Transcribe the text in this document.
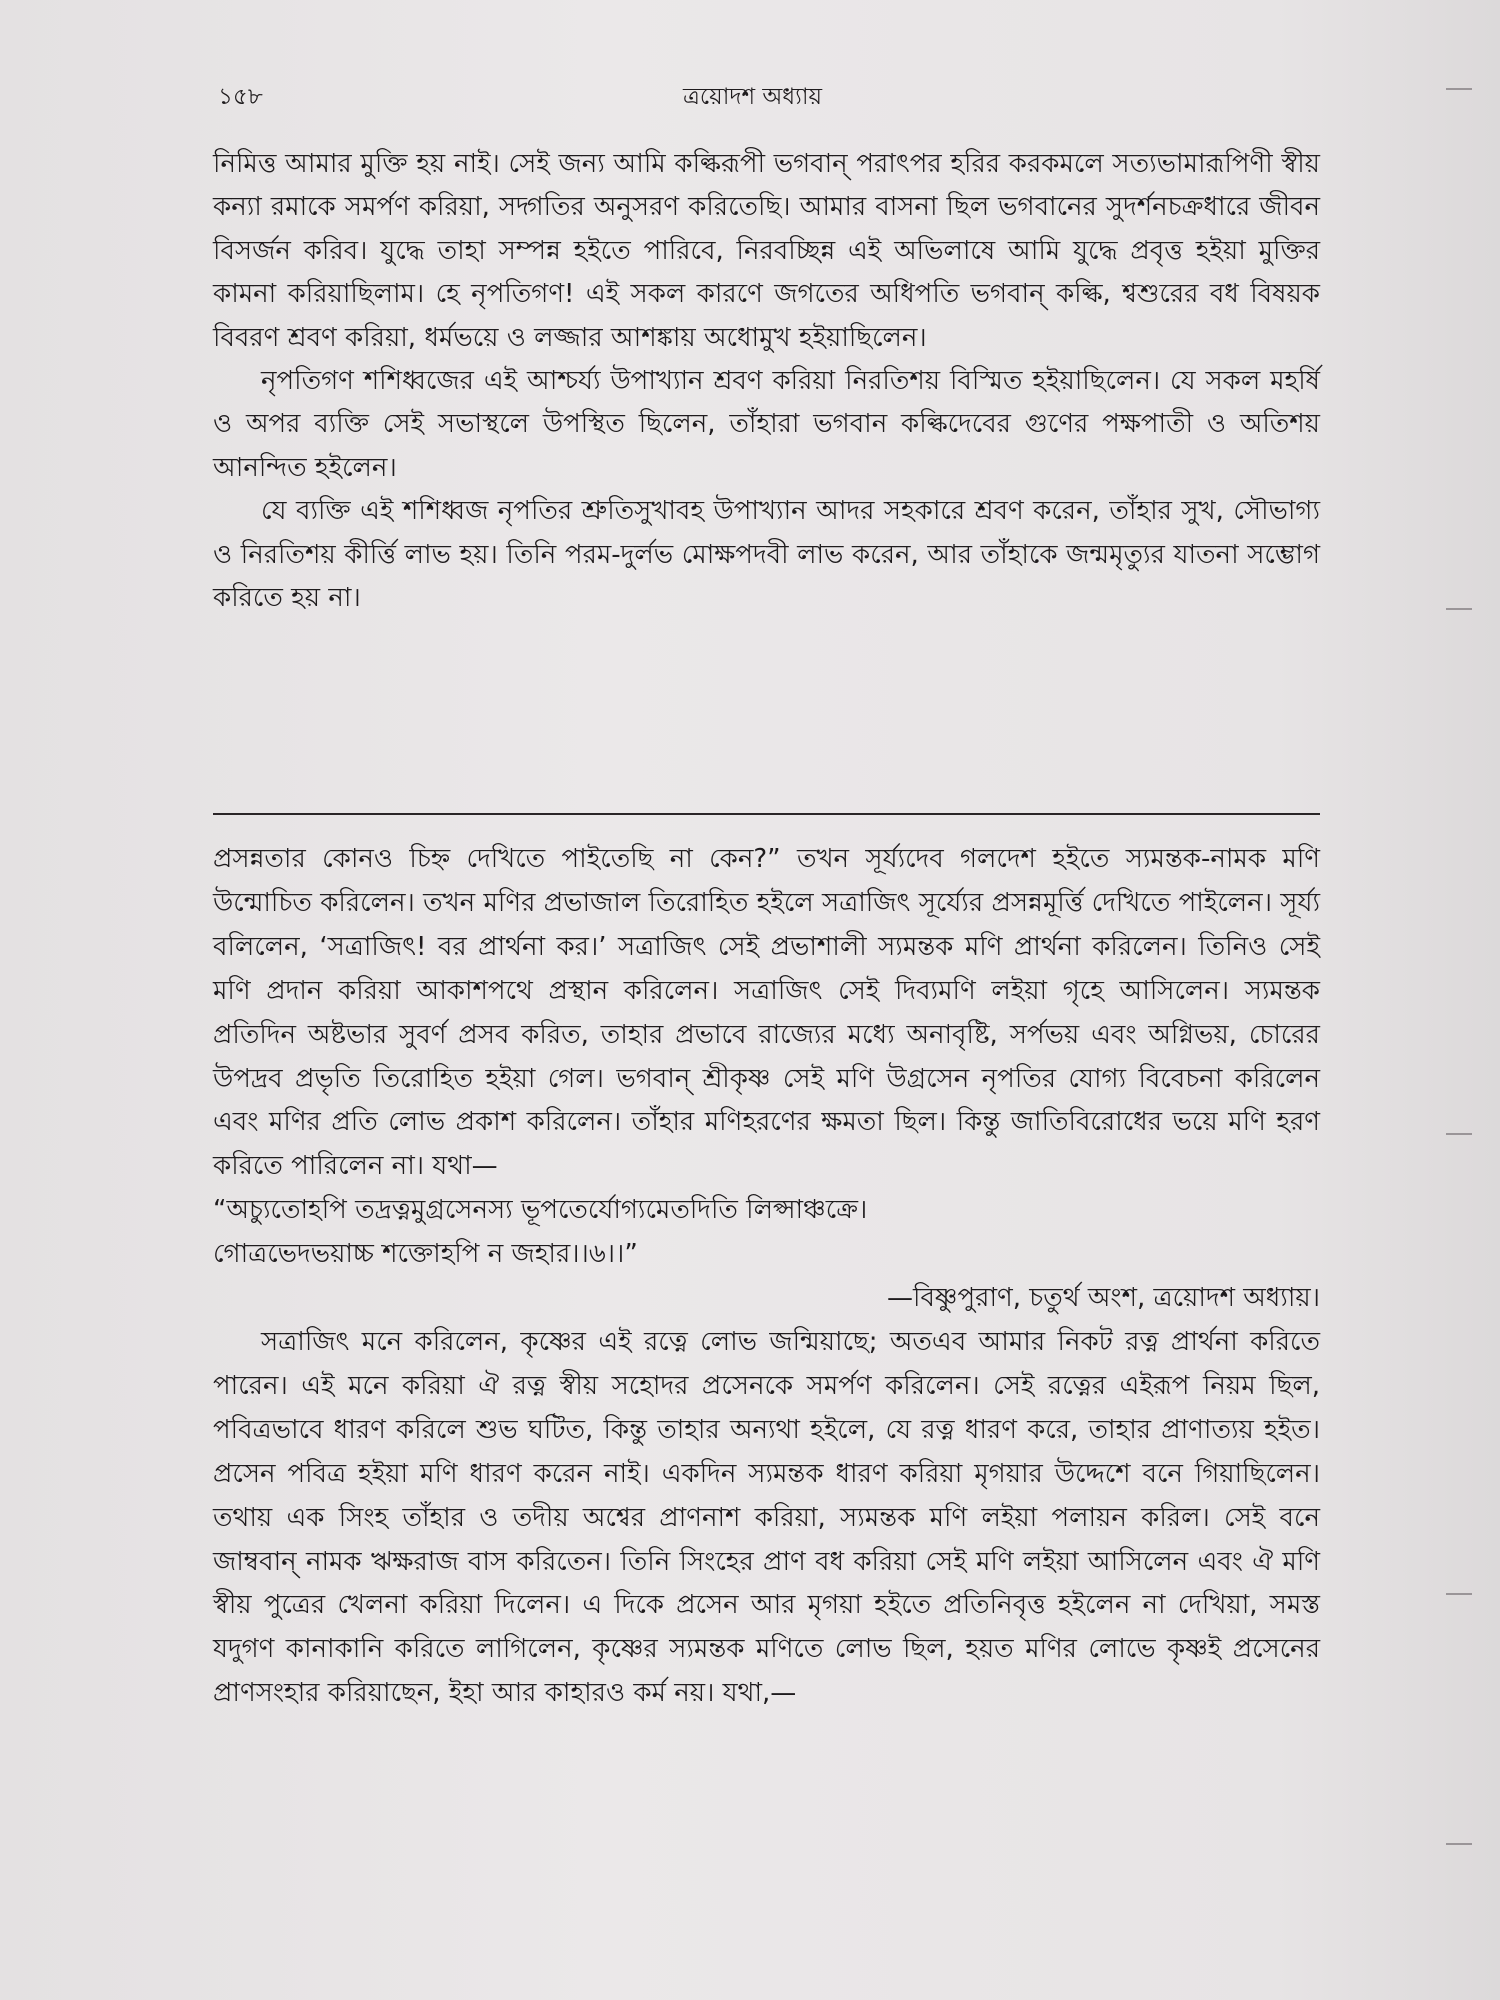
১৫৮	ত্রয়োদশ অধ্যায়

নিমিত্ত আমার মুক্তি হয় নাই। সেই জন্য আমি কল্কিরূপী ভগবান্ পরাৎপর হরির করকমলে সত্যভামারূপিণী স্বীয় কন্যা রমাকে সমর্পণ করিয়া, সদ্গতির অনুসরণ করিতেছি। আমার বাসনা ছিল ভগবানের সুদর্শনচক্রধারে জীবন বিসর্জন করিব। যুদ্ধে তাহা সম্পন্ন হইতে পারিবে, নিরবচ্ছিন্ন এই অভিলাষে আমি যুদ্ধে প্রবৃত্ত হইয়া মুক্তির কামনা করিয়াছিলাম। হে নৃপতিগণ! এই সকল কারণে জগতের অধিপতি ভগবান্ কল্কি, শ্বশুরের বধ বিষয়ক বিবরণ শ্রবণ করিয়া, ধর্মভয়ে ও লজ্জার আশঙ্কায় অধোমুখ হইয়াছিলেন।

নৃপতিগণ শশিধ্বজের এই আশ্চর্য্য উপাখ্যান শ্রবণ করিয়া নিরতিশয় বিস্মিত হইয়াছিলেন। যে সকল মহর্ষি ও অপর ব্যক্তি সেই সভাস্থলে উপস্থিত ছিলেন, তাঁহারা ভগবান কল্কিদেবের গুণের পক্ষপাতী ও অতিশয় আনন্দিত হইলেন।

যে ব্যক্তি এই শশিধ্বজ নৃপতির শ্রুতিসুখাবহ উপাখ্যান আদর সহকারে শ্রবণ করেন, তাঁহার সুখ, সৌভাগ্য ও নিরতিশয় কীর্ত্তি লাভ হয়। তিনি পরম-দুর্লভ মোক্ষপদবী লাভ করেন, আর তাঁহাকে জন্মমৃত্যুর যাতনা সম্ভোগ করিতে হয় না।

প্রসন্নতার কোনও চিহ্ন দেখিতে পাইতেছি না কেন?” তখন সূর্য্যদেব গলদেশ হইতে স্যমন্তক-নামক মণি উন্মোচিত করিলেন। তখন মণির প্রভাজাল তিরোহিত হইলে সত্রাজিৎ সূর্য্যের প্রসন্নমূর্ত্তি দেখিতে পাইলেন। সূর্য্য বলিলেন, ‘সত্রাজিৎ! বর প্রার্থনা কর।’ সত্রাজিৎ সেই প্রভাশালী স্যমন্তক মণি প্রার্থনা করিলেন। তিনিও সেই মণি প্রদান করিয়া আকাশপথে প্রস্থান করিলেন। সত্রাজিৎ সেই দিব্যমণি লইয়া গৃহে আসিলেন। স্যমন্তক প্রতিদিন অষ্টভার সুবর্ণ প্রসব করিত, তাহার প্রভাবে রাজ্যের মধ্যে অনাবৃষ্টি, সর্পভয় এবং অগ্নিভয়, চোরের উপদ্রব প্রভৃতি তিরোহিত হইয়া গেল। ভগবান্ শ্রীকৃষ্ণ সেই মণি উগ্রসেন নৃপতির যোগ্য বিবেচনা করিলেন এবং মণির প্রতি লোভ প্রকাশ করিলেন। তাঁহার মণিহরণের ক্ষমতা ছিল। কিন্তু জাতিবিরোধের ভয়ে মণি হরণ করিতে পারিলেন না। যথা—

“অচ্যুতোহপি তদ্রত্নমুগ্রসেনস্য ভূপতের্যোগ্যমেতদিতি লিপ্সাঞ্চক্রে।
গোত্রভেদভয়াচ্চ শক্তোহপি ন জহার।।৬।।”

—বিষ্ণুপুরাণ, চতুর্থ অংশ, ত্রয়োদশ অধ্যায়।

সত্রাজিৎ মনে করিলেন, কৃষ্ণের এই রত্নে লোভ জন্মিয়াছে; অতএব আমার নিকট রত্ন প্রার্থনা করিতে পারেন। এই মনে করিয়া ঐ রত্ন স্বীয় সহোদর প্রসেনকে সমর্পণ করিলেন। সেই রত্নের এইরূপ নিয়ম ছিল, পবিত্রভাবে ধারণ করিলে শুভ ঘটিত, কিন্তু তাহার অন্যথা হইলে, যে রত্ন ধারণ করে, তাহার প্রাণাত্যয় হইত। প্রসেন পবিত্র হইয়া মণি ধারণ করেন নাই। একদিন স্যমন্তক ধারণ করিয়া মৃগয়ার উদ্দেশে বনে গিয়াছিলেন। তথায় এক সিংহ তাঁহার ও তদীয় অশ্বের প্রাণনাশ করিয়া, স্যমন্তক মণি লইয়া পলায়ন করিল। সেই বনে জাম্ববান্ নামক ঋক্ষরাজ বাস করিতেন। তিনি সিংহের প্রাণ বধ করিয়া সেই মণি লইয়া আসিলেন এবং ঐ মণি স্বীয় পুত্রের খেলনা করিয়া দিলেন। এ দিকে প্রসেন আর মৃগয়া হইতে প্রতিনিবৃত্ত হইলেন না দেখিয়া, সমস্ত যদুগণ কানাকানি করিতে লাগিলেন, কৃষ্ণের স্যমন্তক মণিতে লোভ ছিল, হয়ত মণির লোভে কৃষ্ণই প্রসেনের প্রাণসংহার করিয়াছেন, ইহা আর কাহারও কর্ম নয়। যথা,—
